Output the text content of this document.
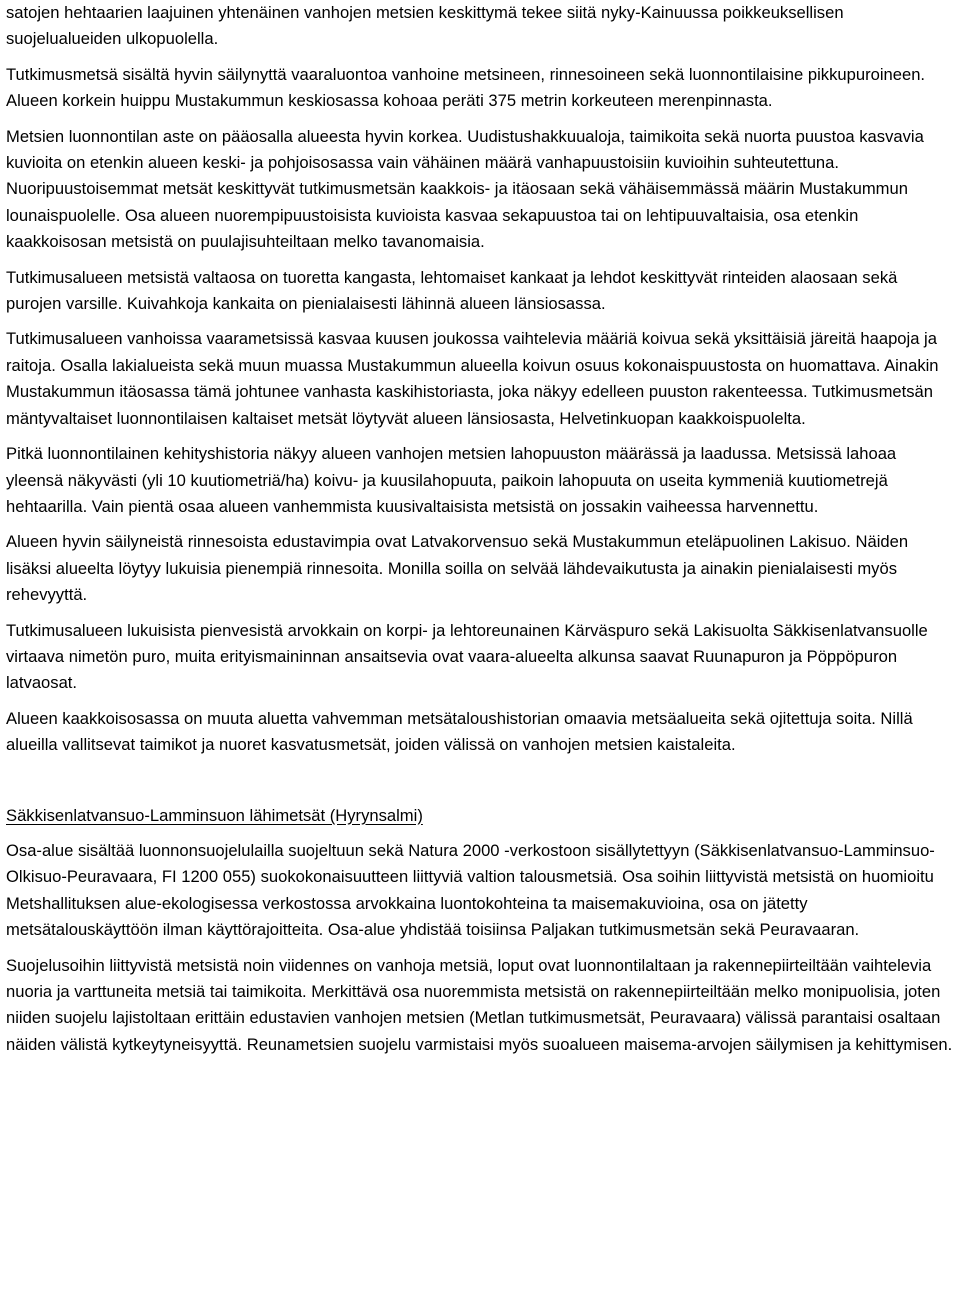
satojen hehtaarien laajuinen yhtenäinen vanhojen metsien keskittymä tekee siitä nyky-Kainuussa poikkeuksellisen suojelualueiden ulkopuolella.

Tutkimusmetsä sisältä hyvin säilynyttä vaaraluontoa vanhoine metsineen, rinnesoineen sekä luonnontilaisine pikkupuroineen. Alueen korkein huippu Mustakummun keskiosassa kohoaa peräti 375 metrin korkeuteen merenpinnasta.

Metsien luonnontilan aste on pääosalla alueesta hyvin korkea. Uudistushakkuualoja, taimikoita sekä nuorta puustoa kasvavia kuvioita on etenkin alueen keski- ja pohjoisosassa vain vähäinen määrä vanhapuustoisiin kuvioihin suhteutettuna. Nuoripuustoisemmat metsät keskittyvät tutkimusmetsän kaakkois- ja itäosaan sekä vähäisemmässä määrin Mustakummun lounaispuolelle. Osa alueen nuorempipuustoisista kuvioista kasvaa sekapuustoa tai on lehtipuuvaltaisia, osa etenkin kaakkoisosan metsistä on puulajisuhteiltaan melko tavanomaisia.

Tutkimusalueen metsistä valtaosa on tuoretta kangasta, lehtomaiset kankaat ja lehdot keskittyvät rinteiden alaosaan sekä purojen varsille. Kuivahkoja kankaita on pienialaisesti lähinnä alueen länsiosassa.

Tutkimusalueen vanhoissa vaarametsissä kasvaa kuusen joukossa vaihtelevia määriä koivua sekä yksittäisiä järeitä haapoja ja raitoja. Osalla lakialueista sekä muun muassa Mustakummun alueella koivun osuus kokonaispuustosta on huomattava. Ainakin Mustakummun itäosassa tämä johtunee vanhasta kaskihistoriasta, joka näkyy edelleen puuston rakenteessa. Tutkimusmetsän mäntyvaltaiset luonnontilaisen kaltaiset metsät löytyvät alueen länsiosasta, Helvetinkuopan kaakkoispuolelta.

Pitkä luonnontilainen kehityshistoria näkyy alueen vanhojen metsien lahopuuston määrässä ja laadussa. Metsissä lahoaa yleensä näkyvästi (yli 10 kuutiometriä/ha) koivu- ja kuusilahopuuta, paikoin lahopuuta on useita kymmeniä kuutiometrejä hehtaarilla. Vain pientä osaa alueen vanhemmista kuusivaltaisista metsistä on jossakin vaiheessa harvennettu.

Alueen hyvin säilyneistä rinnesoista edustavimpia ovat Latvakorvensuo sekä Mustakummun eteläpuolinen Lakisuo. Näiden lisäksi alueelta löytyy lukuisia pienempiä rinnesoita. Monilla soilla on selvää lähdevaikutusta ja ainakin pienialaisesti myös rehevyyttä.

Tutkimusalueen lukuisista pienvesistä arvokkain on korpi- ja lehtoreunainen Kärväspuro sekä Lakisuolta Säkkisenlatvansuolle virtaava nimetön puro, muita erityismaininnan ansaitsevia ovat vaara-alueelta alkunsa saavat Ruunapuron ja Pöppöpuron latvaosat.

Alueen kaakkoisosassa on muuta aluetta vahvemman metsätaloushistorian omaavia metsäalueita sekä ojitettuja soita. Nillä alueilla vallitsevat taimikot ja nuoret kasvatusmetsät, joiden välissä on vanhojen metsien kaistaleita.

Säkkisenlatvansuo-Lamminsuon lähimetsät (Hyrynsalmi)

Osa-alue sisältää luonnonsuojelulailla suojeltuun sekä Natura 2000 -verkostoon sisällytettyyn (Säkkisenlatvansuo-Lamminsuo-Olkisuo-Peuravaara, FI 1200 055) suokokonaisuutteen liittyviä valtion talousmetsiä. Osa soihin liittyvistä metsistä on huomioitu Metshallituksen alue-ekologisessa verkostossa arvokkaina luontokohteina ta maisemakuvioina, osa on jätetty metsätalouskäyttöön ilman käyttörajoitteita. Osa-alue yhdistää toisiinsa Paljakan tutkimusmetsän sekä Peuravaaran.

Suojelusoihin liittyvistä metsistä noin viidennes on vanhoja metsiä, loput ovat luonnontilaltaan ja rakennepiirteiltään vaihtelevia nuoria ja varttuneita metsiä tai taimikoita. Merkittävä osa nuoremmista metsistä on rakennepiirteiltään melko monipuolisia, joten niiden suojelu lajistoltaan erittäin edustavien vanhojen metsien (Metlan tutkimusmetsät, Peuravaara) välissä parantaisi osaltaan näiden välistä kytkeytyneisyyttä. Reunametsien suojelu varmistaisi myös suoalueen maisema-arvojen säilymisen ja kehittymisen.
